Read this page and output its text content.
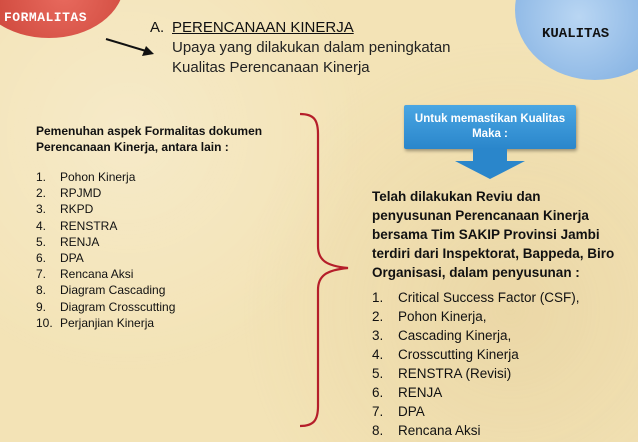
FORMALITAS
KUALITAS
A. PERENCANAAN KINERJA
Upaya yang dilakukan dalam peningkatan
Kualitas Perencanaan Kinerja
Pemenuhan aspek Formalitas dokumen
Perencanaan Kinerja, antara lain :
1.	Pohon Kinerja
2.	RPJMD
3.	RKPD
4.	RENSTRA
5.	RENJA
6.	DPA
7.	Rencana Aksi
8.	Diagram Cascading
9.	Diagram Crosscutting
10. Perjanjian Kinerja
Untuk memastikan Kualitas
Maka :
Telah dilakukan Reviu dan
penyusunan Perencanaan Kinerja
bersama Tim SAKIP Provinsi Jambi
terdiri dari Inspektorat, Bappeda, Biro
Organisasi, dalam penyusunan :
1.	Critical Success Factor (CSF),
2.	Pohon Kinerja,
3.	Cascading Kinerja,
4.	Crosscutting Kinerja
5.	RENSTRA (Revisi)
6.	RENJA
7.	DPA
8.	Rencana Aksi
